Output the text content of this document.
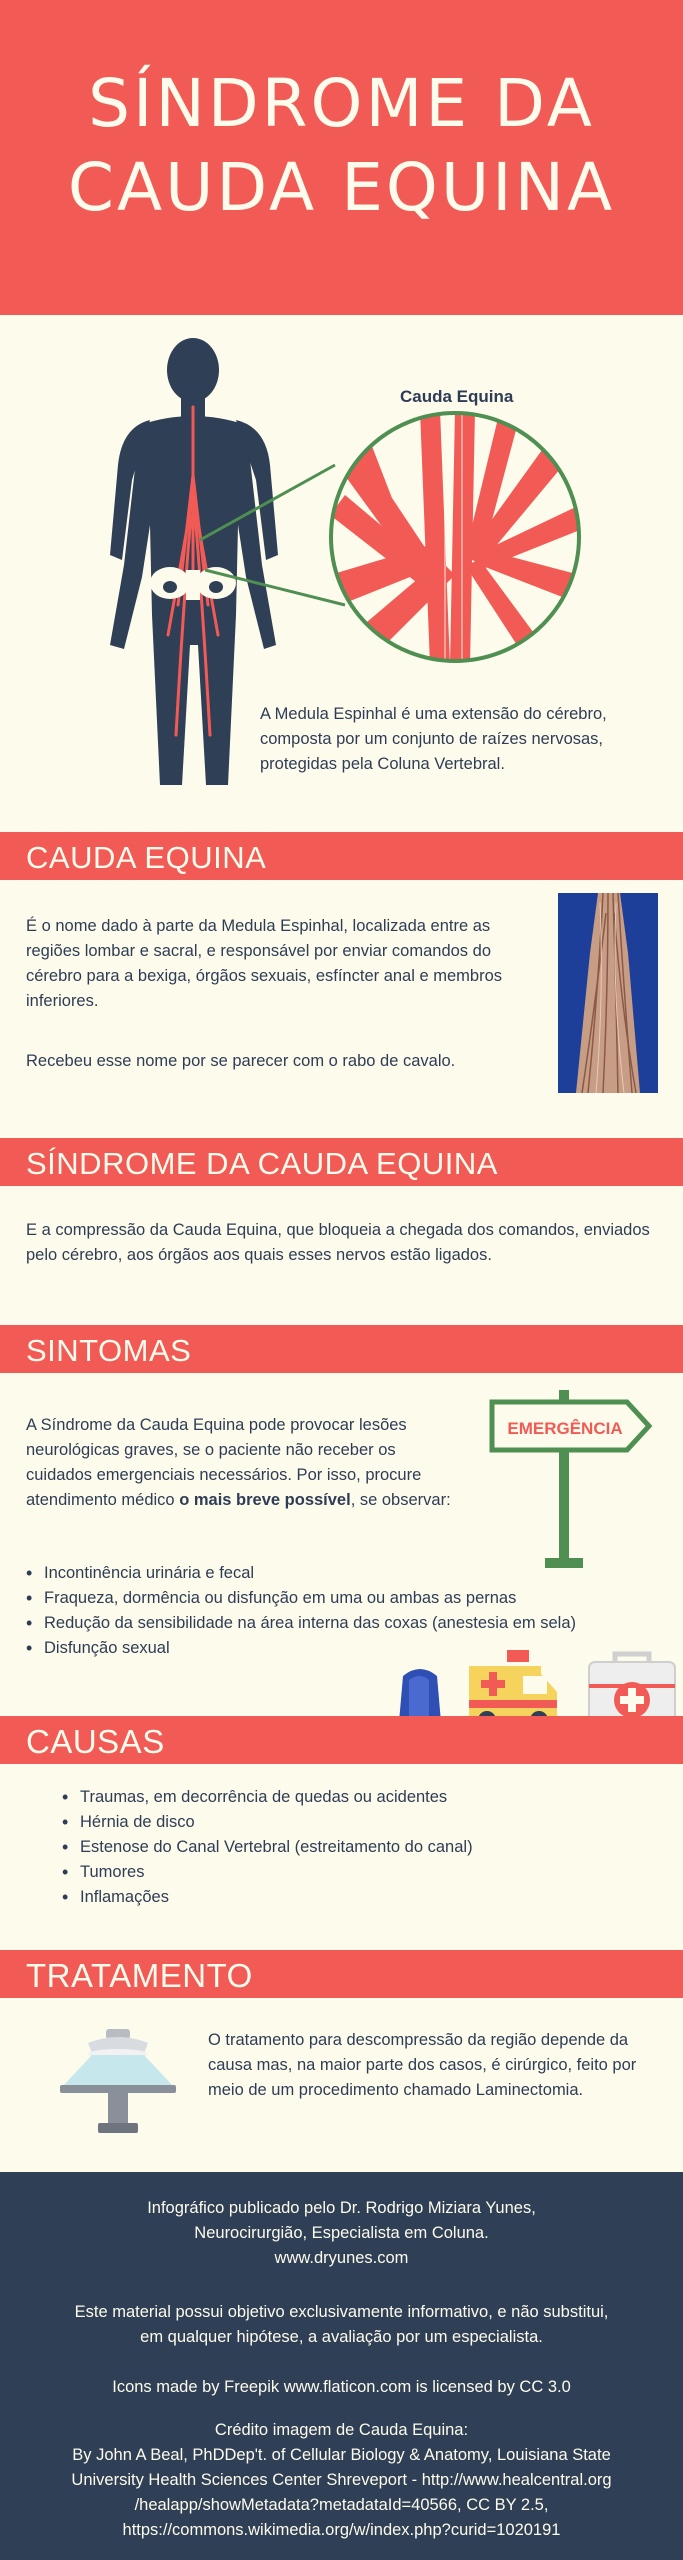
SÍNDROME DA
CAUDA EQUINA
Cauda Equina
A Medula Espinhal é uma extensão do cérebro, composta por um conjunto de raízes nervosas, protegidas pela Coluna Vertebral.
CAUDA EQUINA
É o nome dado à parte da Medula Espinhal, localizada entre as regiões lombar e sacral, e responsável por enviar comandos do cérebro para a bexiga, órgãos sexuais, esfíncter anal e membros inferiores.
Recebeu esse nome por se parecer com o rabo de cavalo.
SÍNDROME DA CAUDA EQUINA
E a compressão da Cauda Equina, que bloqueia a chegada dos comandos, enviados pelo cérebro, aos órgãos aos quais esses nervos estão ligados.
SINTOMAS
A Síndrome da Cauda Equina pode provocar lesões neurológicas graves, se o paciente não receber os cuidados emergenciais necessários. Por isso, procure atendimento médico o mais breve possível, se observar:
EMERGÊNCIA
• Incontinência urinária e fecal
• Fraqueza, dormência ou disfunção em uma ou ambas as pernas
• Redução da sensibilidade na área interna das coxas (anestesia em sela)
• Disfunção sexual
CAUSAS
• Traumas, em decorrência de quedas ou acidentes
• Hérnia de disco
• Estenose do Canal Vertebral (estreitamento do canal)
• Tumores
• Inflamações
TRATAMENTO
O tratamento para descompressão da região depende da causa mas, na maior parte dos casos, é cirúrgico, feito por meio de um procedimento chamado Laminectomia.

Infográfico publicado pelo Dr. Rodrigo Miziara Yunes,

Neurocirurgião, Especialista em Coluna.

www.dryunes.com

Este material possui objetivo exclusivamente informativo, e não substitui,

em qualquer hipótese, a avaliação por um especialista.

Icons made by Freepik www.flaticon.com is licensed by CC 3.0

Crédito imagem de Cauda Equina:

By John A Beal, PhDDep't. of Cellular Biology & Anatomy, Louisiana State

University Health Sciences Center Shreveport - http://www.healcentral.org

/healapp/showMetadata?metadataId=40566, CC BY 2.5,

https://commons.wikimedia.org/w/index.php?curid=1020191
